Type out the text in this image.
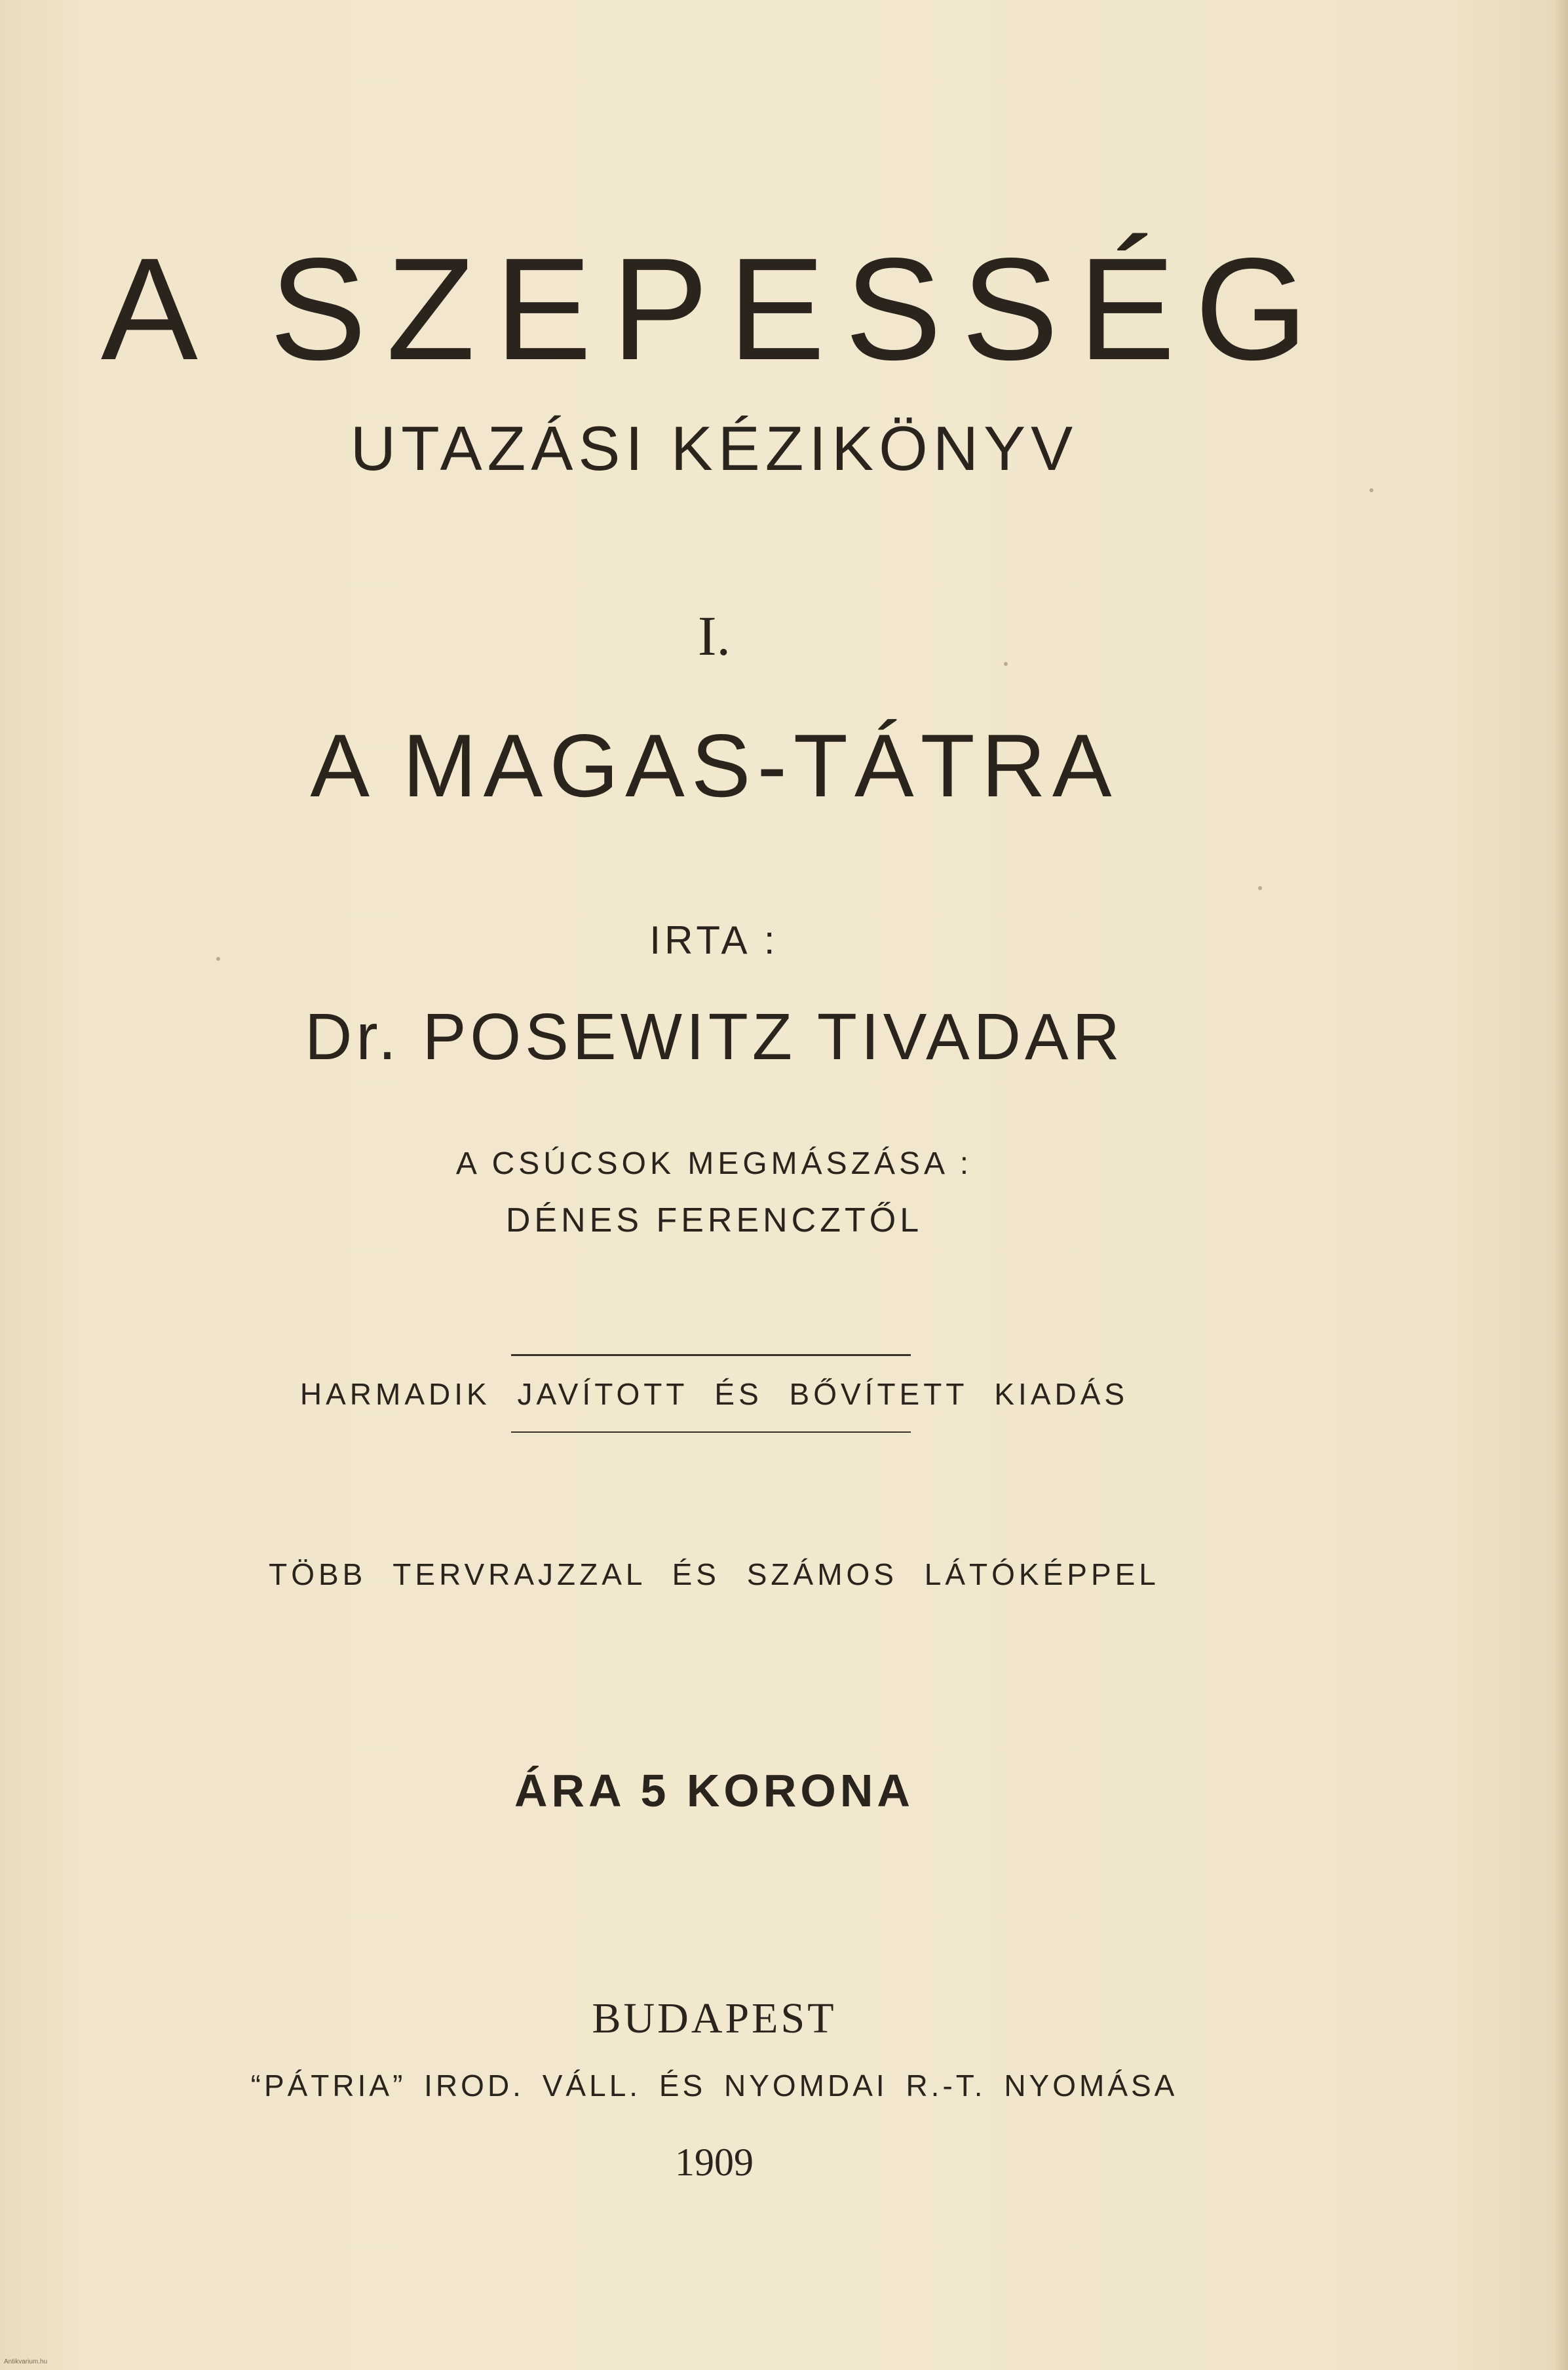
A SZEPESSÉG
UTAZÁSI KÉZIKÖNYV
I.
A MAGAS-TÁTRA
IRTA :
Dr. POSEWITZ TIVADAR
A CSÚCSOK MEGMÁSZÁSA :
DÉNES FERENCZTŐL
HARMADIK JAVÍTOTT ÉS BŐVÍTETT KIADÁS
TÖBB TERVRAJZZAL ÉS SZÁMOS LÁTÓKÉPPEL
ÁRA 5 KORONA
BUDAPEST
“PÁTRIA” IROD. VÁLL. ÉS NYOMDAI R.-T. NYOMÁSA
1909
Antikvarium.hu
